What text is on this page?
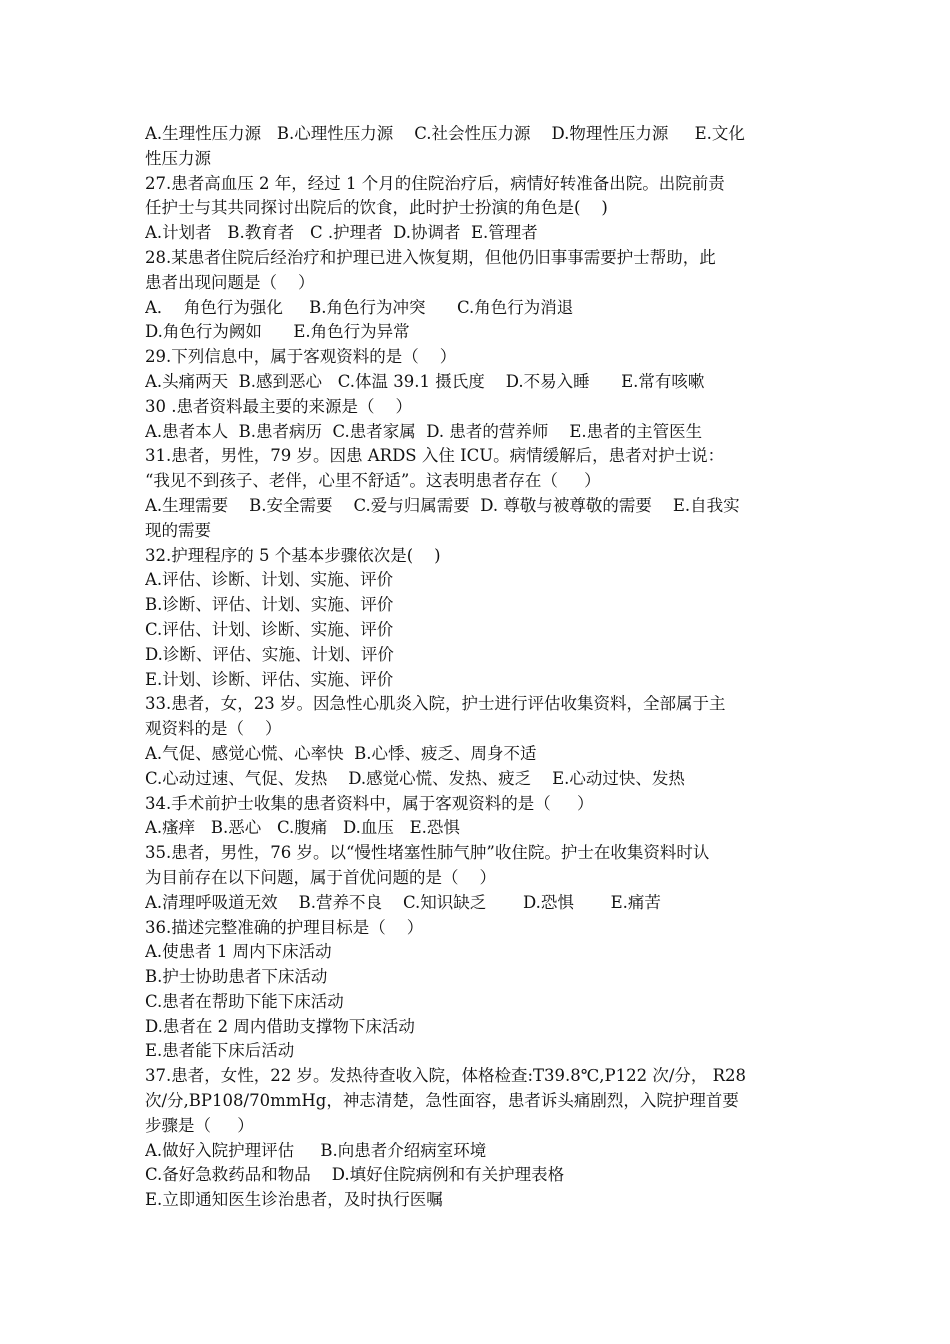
A.生理性压力源   B.心理性压力源    C.社会性压力源    D.物理性压力源     E.文化
性压力源
27.患者高血压 2 年，经过 1 个月的住院治疗后，病情好转准备出院。出院前责
任护士与其共同探讨出院后的饮食，此时护士扮演的角色是(    )
A.计划者   B.教育者   C .护理者  D.协调者  E.管理者
28.某患者住院后经治疗和护理已进入恢复期，但他仍旧事事需要护士帮助，此
患者出现问题是（    ）
A．  角色行为强化     B.角色行为冲突      C.角色行为消退
D.角色行为阙如      E.角色行为异常
29.下列信息中，属于客观资料的是（    ）
A.头痛两天  B.感到恶心   C.体温 39.1 摄氏度    D.不易入睡      E.常有咳嗽
30 .患者资料最主要的来源是（    ）
A.患者本人  B.患者病历  C.患者家属  D. 患者的营养师    E.患者的主管医生
31.患者，男性，79 岁。因患 ARDS 入住 ICU。病情缓解后，患者对护士说：
“我见不到孩子、老伴，心里不舒适”。这表明患者存在（     ）
A.生理需要    B.安全需要    C.爱与归属需要  D. 尊敬与被尊敬的需要    E.自我实
现的需要
32.护理程序的 5 个基本步骤依次是(    )
A.评估、诊断、计划、实施、评价
B.诊断、评估、计划、实施、评价
C.评估、计划、诊断、实施、评价
D.诊断、评估、实施、计划、评价
E.计划、诊断、评估、实施、评价
33.患者，女，23 岁。因急性心肌炎入院，护士进行评估收集资料，全部属于主
观资料的是（    ）
A.气促、感觉心慌、心率快  B.心悸、疲乏、周身不适
C.心动过速、气促、发热    D.感觉心慌、发热、疲乏    E.心动过快、发热
34.手术前护士收集的患者资料中，属于客观资料的是（     ）
A.瘙痒   B.恶心   C.腹痛   D.血压   E.恐惧
35.患者，男性，76 岁。以“慢性堵塞性肺气肿”收住院。护士在收集资料时认
为目前存在以下问题，属于首优问题的是（    ）
A.清理呼吸道无效    B.营养不良    C.知识缺乏       D.恐惧       E.痛苦
36.描述完整准确的护理目标是（    ）
A.使患者 1 周内下床活动
B.护士协助患者下床活动
C.患者在帮助下能下床活动
D.患者在 2 周内借助支撑物下床活动
E.患者能下床后活动
37.患者，女性，22 岁。发热待查收入院，体格检查:T39.8℃,P122 次/分， R28
次/分,BP108/70mmHg，神志清楚，急性面容，患者诉头痛剧烈，入院护理首要
步骤是（     ）
A.做好入院护理评估     B.向患者介绍病室环境
C.备好急救药品和物品    D.填好住院病例和有关护理表格
E.立即通知医生诊治患者，及时执行医嘱
